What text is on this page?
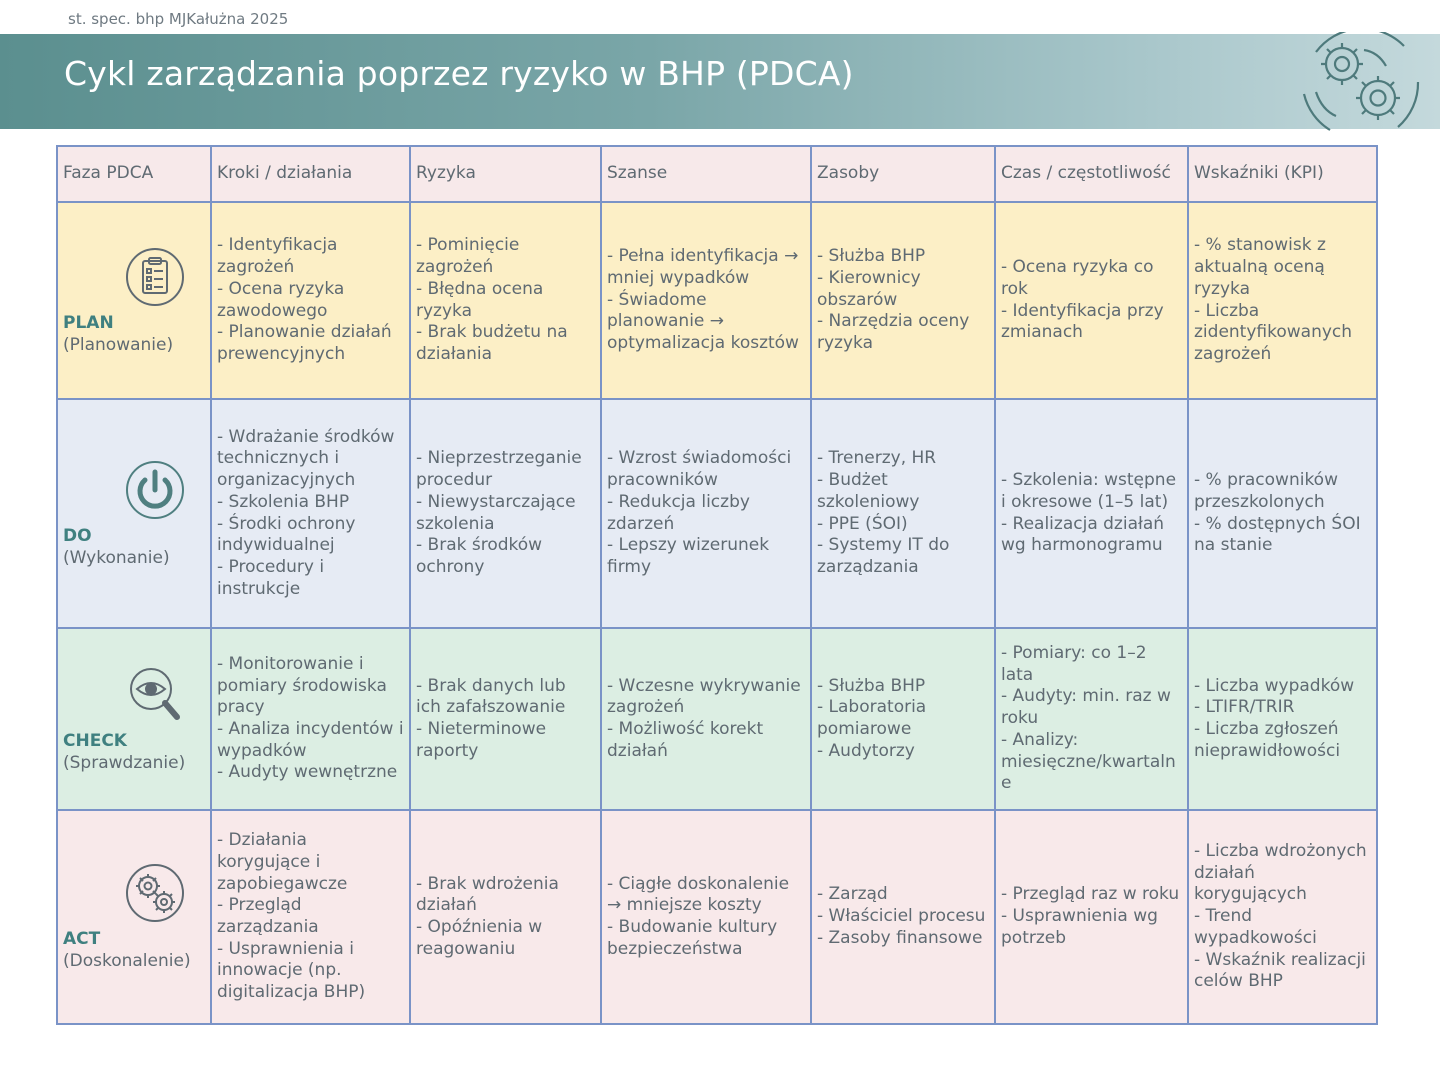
st. spec. bhp MJKałużna 2025
Cykl zarządzania poprzez ryzyko w BHP (PDCA)
Faza PDCA	Kroki / działania	Ryzyka	Szanse	Zasoby	Czas / częstotliwość	Wskaźniki (KPI)

PLAN
(Planowanie)	- Identyfikacja zagrożeń
- Ocena ryzyka zawodowego
- Planowanie działań prewencyjnych	- Pominięcie zagrożeń
- Błędna ocena ryzyka
- Brak budżetu na działania	- Pełna identyfikacja → mniej wypadków
- Świadome planowanie → optymalizacja kosztów	- Służba BHP
- Kierownicy obszarów
- Narzędzia oceny ryzyka	- Ocena ryzyka co rok
- Identyfikacja przy zmianach	- % stanowisk z aktualną oceną ryzyka
- Liczba zidentyfikowanych zagrożeń

DO
(Wykonanie)	- Wdrażanie środków technicznych i organizacyjnych
- Szkolenia BHP
- Środki ochrony indywidualnej
- Procedury i instrukcje	- Nieprzestrzeganie procedur
- Niewystarczające szkolenia
- Brak środków ochrony	- Wzrost świadomości pracowników
- Redukcja liczby zdarzeń
- Lepszy wizerunek firmy	- Trenerzy, HR
- Budżet szkoleniowy
- PPE (ŚOI)
- Systemy IT do zarządzania	- Szkolenia: wstępne i okresowe (1–5 lat)
- Realizacja działań wg harmonogramu	- % pracowników przeszkolonych
- % dostępnych ŚOI na stanie

CHECK
(Sprawdzanie)	- Monitorowanie i pomiary środowiska pracy
- Analiza incydentów i wypadków
- Audyty wewnętrzne	- Brak danych lub ich zafałszowanie
- Nieterminowe raporty	- Wczesne wykrywanie zagrożeń
- Możliwość korekt działań	- Służba BHP
- Laboratoria pomiarowe
- Audytorzy	- Pomiary: co 1–2 lata
- Audyty: min. raz w roku
- Analizy: miesięczne/kwartalne	- Liczba wypadków
- LTIFR/TRIR
- Liczba zgłoszeń nieprawidłowości

ACT
(Doskonalenie)	- Działania korygujące i zapobiegawcze
- Przegląd zarządzania
- Usprawnienia i innowacje (np. digitalizacja BHP)	- Brak wdrożenia działań
- Opóźnienia w reagowaniu	- Ciągłe doskonalenie → mniejsze koszty
- Budowanie kultury bezpieczeństwa	- Zarząd
- Właściciel procesu
- Zasoby finansowe	- Przegląd raz w roku
- Usprawnienia wg potrzeb	- Liczba wdrożonych działań korygujących
- Trend wypadkowości
- Wskaźnik realizacji celów BHP
